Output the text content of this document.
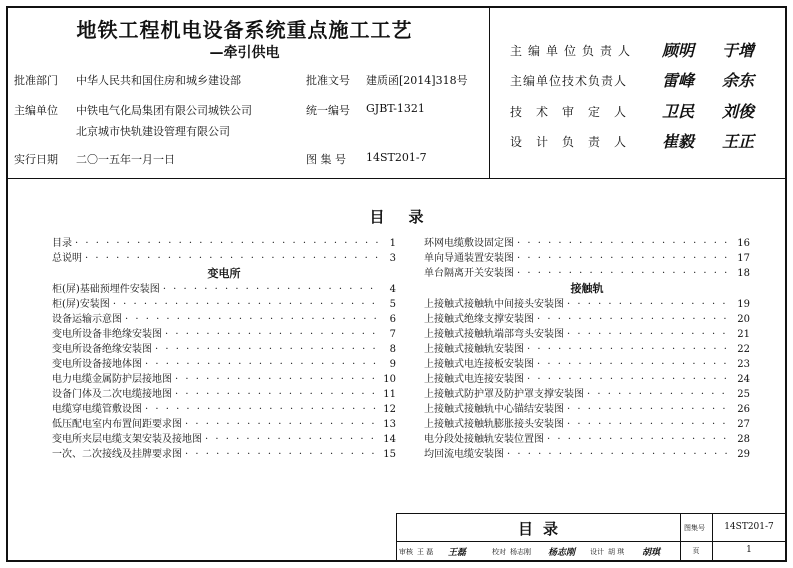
地铁工程机电设备系统重点施工工艺
—牵引供电
批准部门 中华人民共和国住房和城乡建设部	批准文号 建质函[2014]318号
主编单位 中铁电气化局集团有限公司城铁公司
北京城市快轨建设管理有限公司
统一编号 GJBT-1321
实行日期 二〇一五年一月一日	图 集 号 14ST201-7
主编单位负责人 顾明 于增
主编单位技术负责人 雷峰 余东
技术审定人 卫民 刘俊
设计负责人 崔毅 王正
目录
目录 · · ·	1
总说明 · · ·	3
变电所
柜(屏)基础预埋件安装图 · · ·	4
柜(屏)安装图 · · ·	5
设备运输示意图 · · ·	6
变电所设备非绝缘安装图 · · ·	7
变电所设备绝缘安装图 · · ·	8
变电所设备接地体图 · · ·	9
电力电缆金属防护层接地图 · · ·	10
设备门体及二次电缆接地图 · · ·	11
电缆穿电缆管敷设图 · · ·	12
低压配电室内布置间距要求图 · · ·	13
变电所夹层电缆支架安装及接地图 · · ·	14
一次、二次接线及挂牌要求图 · · ·	15
环网电缆敷设固定图 · · ·	16
单向导通装置安装图 · · ·	17
单台隔离开关安装图 · · ·	18
接触轨
上接触式接触轨中间接头安装图 · · ·	19
上接触式绝缘支撑安装图 · · ·	20
上接触式接触轨端部弯头安装图 · · ·	21
上接触式接触轨安装图 · · ·	22
上接触式电连接板安装图 · · ·	23
上接触式电连接安装图 · · ·	24
上接触式防护罩及防护罩支撑安装图 · · ·	25
上接触式接触轨中心锚结安装图 · · ·	26
上接触式接触轨膨胀接头安装图 · · ·	27
电分段处接触轨安装位置图 · · ·	28
均回流电缆安装图 · · ·	29
目录	图集号	14ST201-7
页	1
审核 王 磊 王磊	校对 杨志刚 杨志刚 设计 胡 琪 胡琪
